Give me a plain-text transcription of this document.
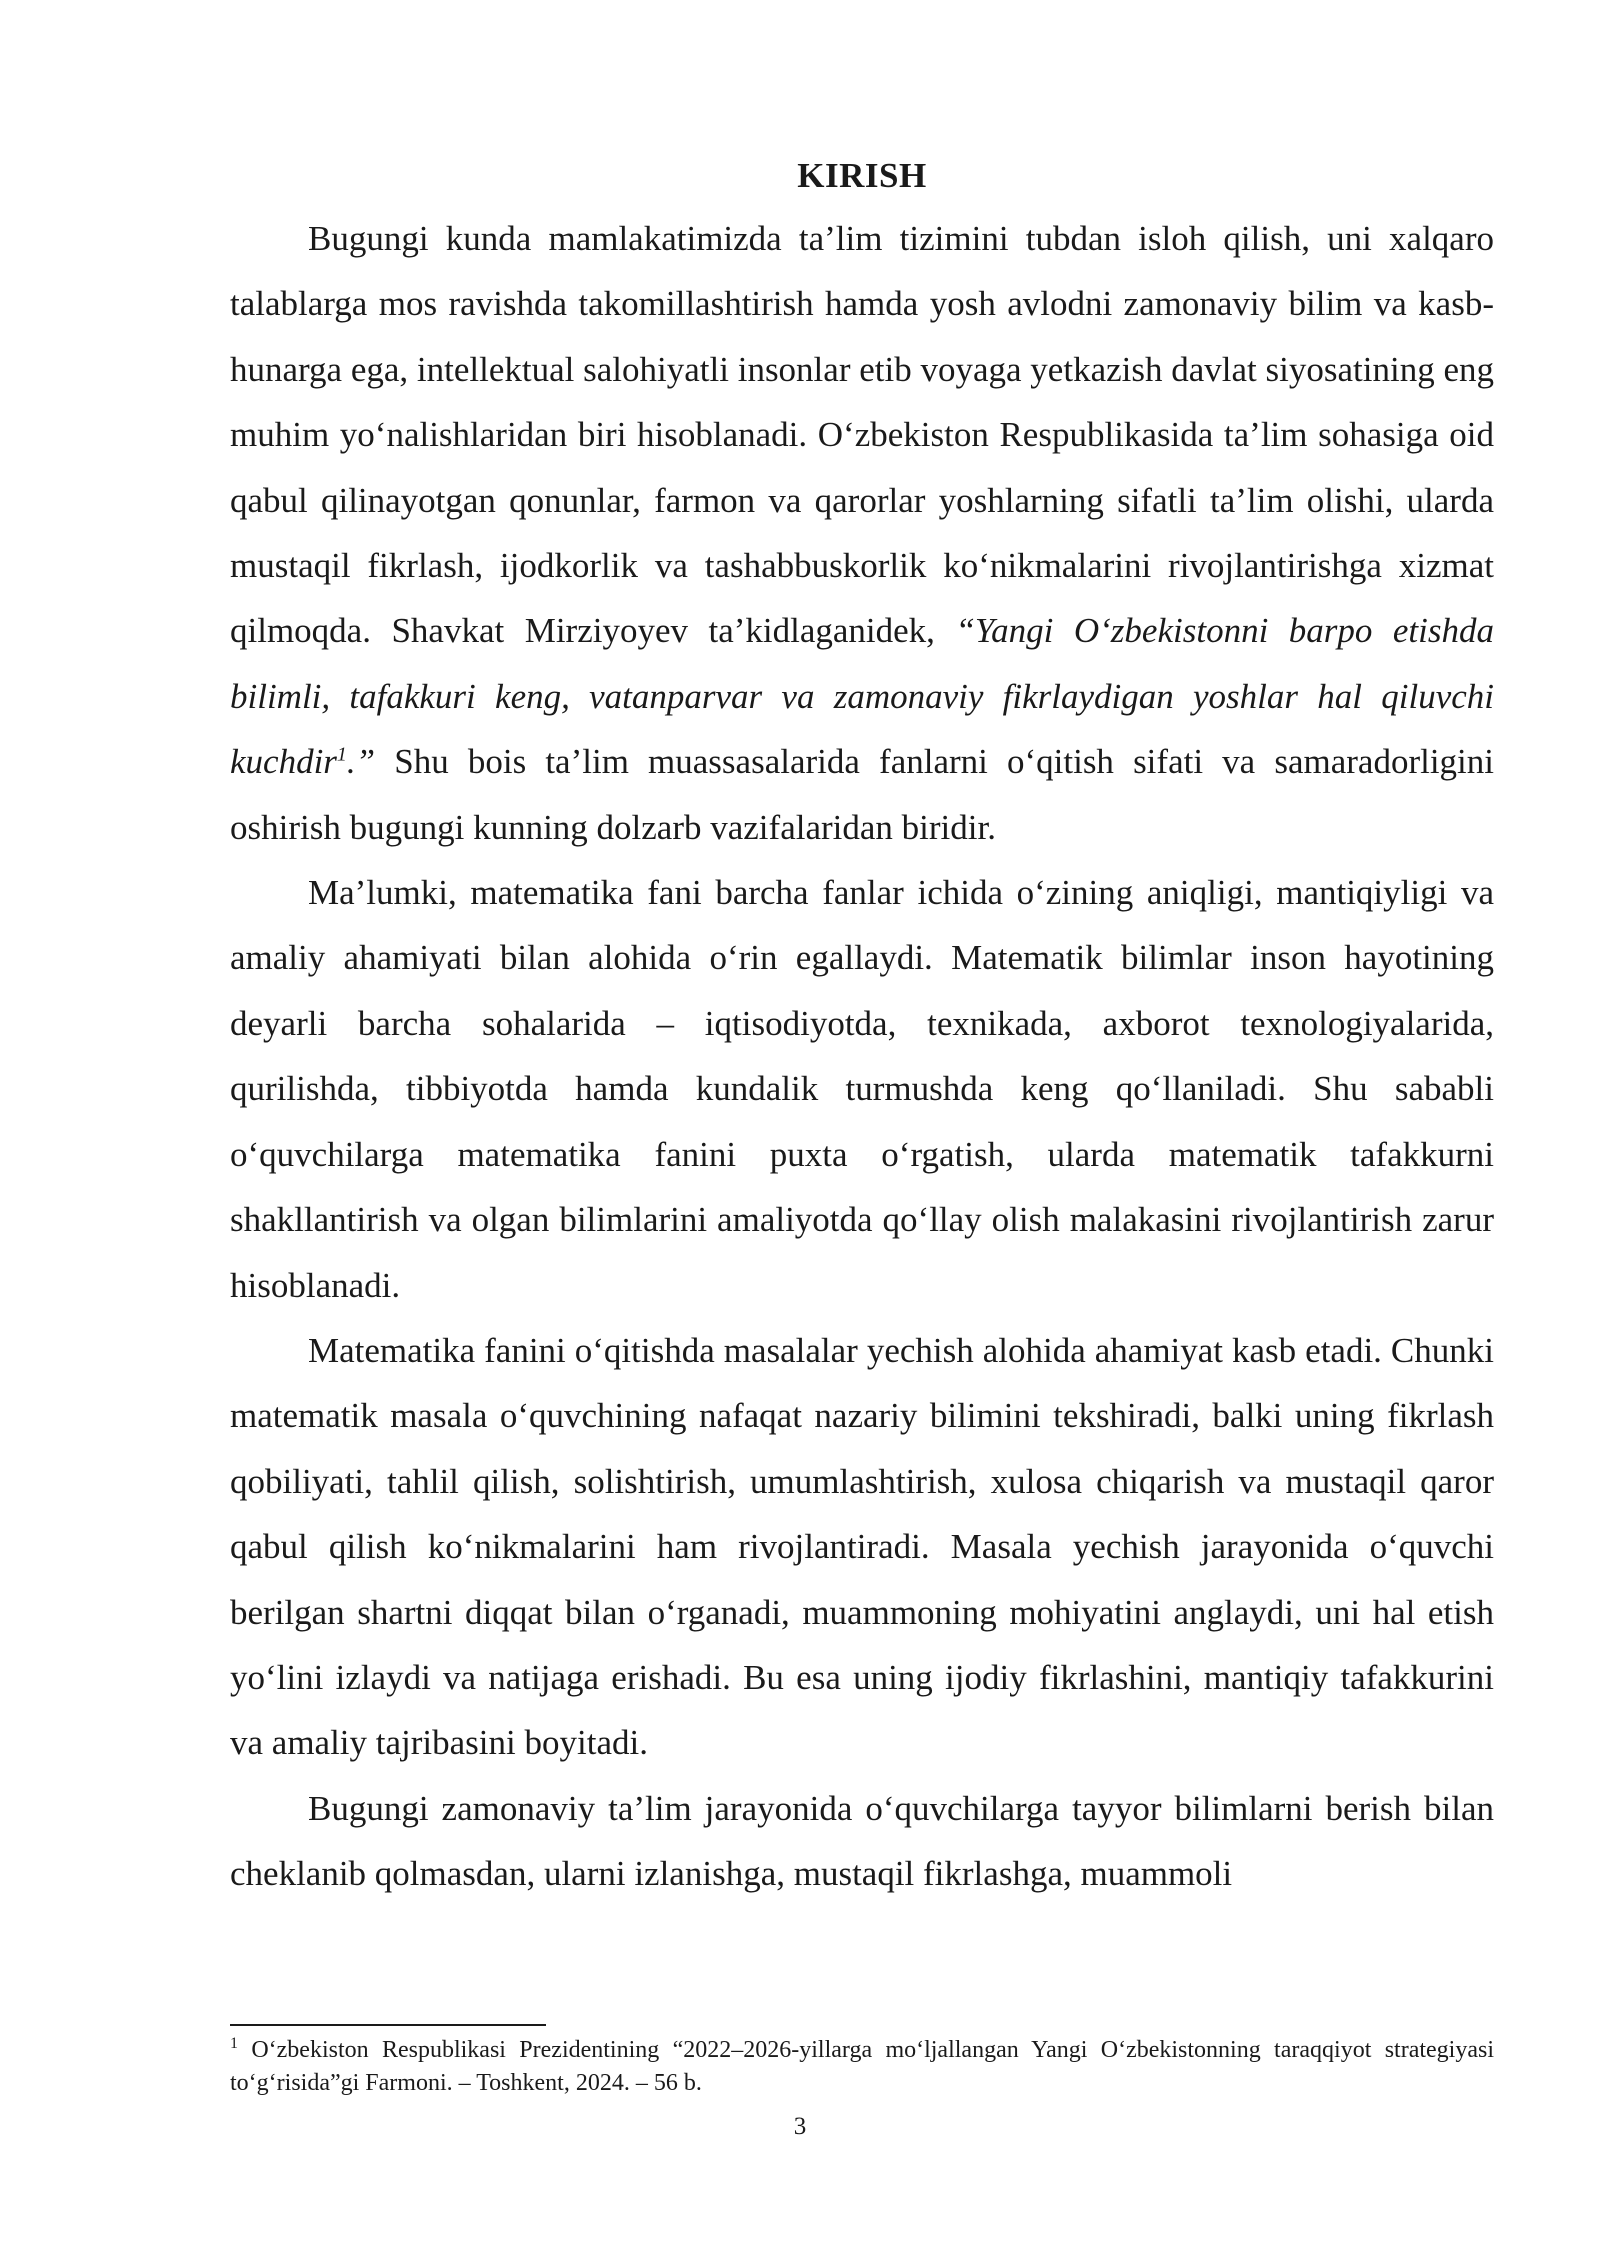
KIRISH

Bugungi kunda mamlakatimizda ta’lim tizimini tubdan isloh qilish, uni xalqaro talablarga mos ravishda takomillashtirish hamda yosh avlodni zamonaviy bilim va kasb-hunarga ega, intellektual salohiyatli insonlar etib voyaga yetkazish davlat siyosatining eng muhim yo‘nalishlaridan biri hisoblanadi. O‘zbekiston Respublikasida ta’lim sohasiga oid qabul qilinayotgan qonunlar, farmon va qarorlar yoshlarning sifatli ta’lim olishi, ularda mustaqil fikrlash, ijodkorlik va tashabbuskorlik ko‘nikmalarini rivojlantirishga xizmat qilmoqda. Shavkat Mirziyoyev ta’kidlaganidek, “Yangi O‘zbekistonni barpo etishda bilimli, tafakkuri keng, vatanparvar va zamonaviy fikrlaydigan yoshlar hal qiluvchi kuchdir$^1$.” Shu bois ta’lim muassasalarida fanlarni o‘qitish sifati va samaradorligini oshirish bugungi kunning dolzarb vazifalaridan biridir.

Ma’lumki, matematika fani barcha fanlar ichida o‘zining aniqligi, mantiqiyligi va amaliy ahamiyati bilan alohida o‘rin egallaydi. Matematik bilimlar inson hayotining deyarli barcha sohalarida – iqtisodiyotda, texnikada, axborot texnologiyalarida, qurilishda, tibbiyotda hamda kundalik turmushda keng qo‘llaniladi. Shu sababli o‘quvchilarga matematika fanini puxta o‘rgatish, ularda matematik tafakkurni shakllantirish va olgan bilimlarini amaliyotda qo‘llay olish malakasini rivojlantirish zarur hisoblanadi.

Matematika fanini o‘qitishda masalalar yechish alohida ahamiyat kasb etadi. Chunki matematik masala o‘quvchining nafaqat nazariy bilimini tekshiradi, balki uning fikrlash qobiliyati, tahlil qilish, solishtirish, umumlashtirish, xulosa chiqarish va mustaqil qaror qabul qilish ko‘nikmalarini ham rivojlantiradi. Masala yechish jarayonida o‘quvchi berilgan shartni diqqat bilan o‘rganadi, muammoning mohiyatini anglaydi, uni hal etish yo‘lini izlaydi va natijaga erishadi. Bu esa uning ijodiy fikrlashini, mantiqiy tafakkurini va amaliy tajribasini boyitadi.

Bugungi zamonaviy ta’lim jarayonida o‘quvchilarga tayyor bilimlarni berish bilan cheklanib qolmasdan, ularni izlanishga, mustaqil fikrlashga, muammoli

$^1$ O‘zbekiston Respublikasi Prezidentining “2022–2026-yillarga mo‘ljallangan Yangi O‘zbekistonning taraqqiyot strategiyasi to‘g‘risida”gi Farmoni. – Toshkent, 2024. – 56 b.

3
